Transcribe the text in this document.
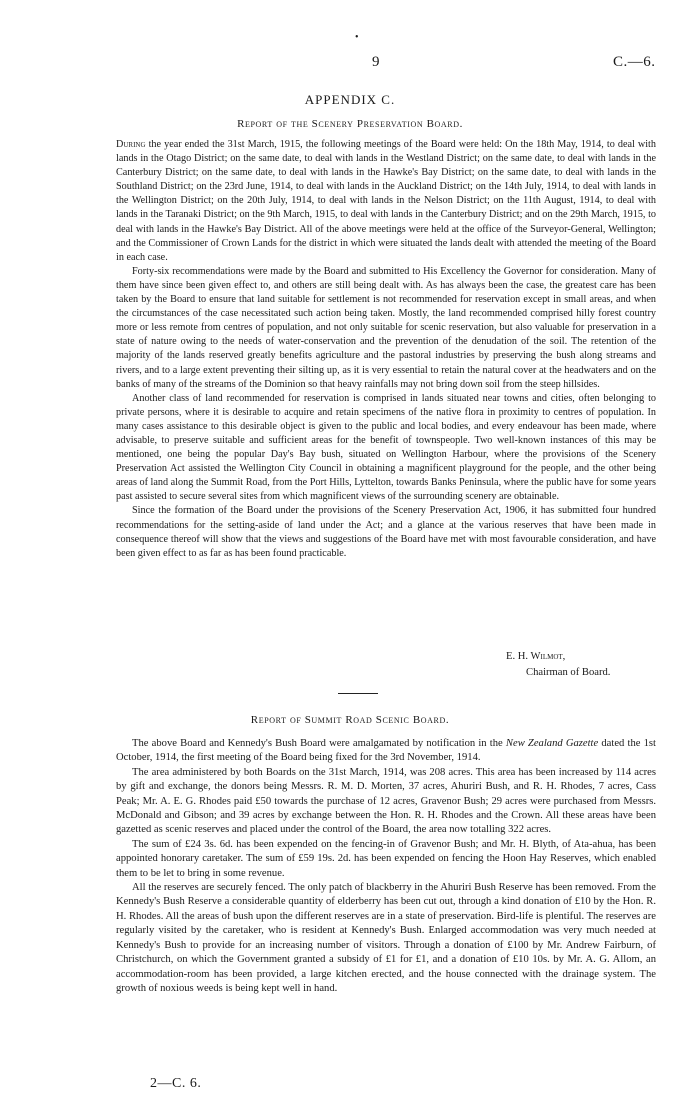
•
9	C.—6.
APPENDIX C.
Report of the Scenery Preservation Board.

During the year ended the 31st March, 1915, the following meetings of the Board were held: On the 18th May, 1914, to deal with lands in the Otago District; on the same date, to deal with lands in the Westland District; on the same date, to deal with lands in the Canterbury District; on the same date, to deal with lands in the Hawke's Bay District; on the same date, to deal with lands in the Southland District; on the 23rd June, 1914, to deal with lands in the Auckland District; on the 14th July, 1914, to deal with lands in the Wellington District; on the 20th July, 1914, to deal with lands in the Nelson District; on the 11th August, 1914, to deal with lands in the Taranaki District; on the 9th March, 1915, to deal with lands in the Canterbury District; and on the 29th March, 1915, to deal with lands in the Hawke's Bay District. All of the above meetings were held at the office of the Surveyor-General, Wellington; and the Commissioner of Crown Lands for the district in which were situated the lands dealt with attended the meeting of the Board in each case.

Forty-six recommendations were made by the Board and submitted to His Excellency the Governor for consideration. Many of them have since been given effect to, and others are still being dealt with. As has always been the case, the greatest care has been taken by the Board to ensure that land suitable for settlement is not recommended for reservation except in small areas, and when the circumstances of the case necessitated such action being taken. Mostly, the land recommended comprised hilly forest country more or less remote from centres of population, and not only suitable for scenic reservation, but also valuable for preservation in a state of nature owing to the needs of water-conservation and the prevention of the denudation of the soil. The retention of the majority of the lands reserved greatly benefits agriculture and the pastoral industries by preserving the bush along streams and rivers, and to a large extent preventing their silting up, as it is very essential to retain the natural cover at the headwaters and on the banks of many of the streams of the Dominion so that heavy rainfalls may not bring down soil from the steep hillsides.

Another class of land recommended for reservation is comprised in lands situated near towns and cities, often belonging to private persons, where it is desirable to acquire and retain specimens of the native flora in proximity to centres of population. In many cases assistance to this desirable object is given to the public and local bodies, and every endeavour has been made, where advisable, to preserve suitable and sufficient areas for the benefit of townspeople. Two well-known instances of this may be mentioned, one being the popular Day's Bay bush, situated on Wellington Harbour, where the provisions of the Scenery Preservation Act assisted the Wellington City Council in obtaining a magnificent playground for the people, and the other being areas of land along the Summit Road, from the Port Hills, Lyttelton, towards Banks Peninsula, where the public have for some years past assisted to secure several sites from which magnificent views of the surrounding scenery are obtainable.

Since the formation of the Board under the provisions of the Scenery Preservation Act, 1906, it has submitted four hundred recommendations for the setting-aside of land under the Act; and a glance at the various reserves that have been made in consequence thereof will show that the views and suggestions of the Board have met with most favourable consideration, and have been given effect to as far as has been found practicable.

E. H. Wilmot,
Chairman of Board.
Report of Summit Road Scenic Board.

The above Board and Kennedy's Bush Board were amalgamated by notification in the New Zealand Gazette dated the 1st October, 1914, the first meeting of the Board being fixed for the 3rd November, 1914.

The area administered by both Boards on the 31st March, 1914, was 208 acres. This area has been increased by 114 acres by gift and exchange, the donors being Messrs. R. M. D. Morten, 37 acres, Ahuriri Bush, and R. H. Rhodes, 7 acres, Cass Peak; Mr. A. E. G. Rhodes paid £50 towards the purchase of 12 acres, Gravenor Bush; 29 acres were purchased from Messrs. McDonald and Gibson; and 39 acres by exchange between the Hon. R. H. Rhodes and the Crown. All these areas have been gazetted as scenic reserves and placed under the control of the Board, the area now totalling 322 acres.

The sum of £24 3s. 6d. has been expended on the fencing-in of Gravenor Bush; and Mr. H. Blyth, of Ata-ahua, has been appointed honorary caretaker. The sum of £59 19s. 2d. has been expended on fencing the Hoon Hay Reserves, which enabled them to be let to bring in some revenue.

All the reserves are securely fenced. The only patch of blackberry in the Ahuriri Bush Reserve has been removed. From the Kennedy's Bush Reserve a considerable quantity of elderberry has been cut out, through a kind donation of £10 by the Hon. R. H. Rhodes. All the areas of bush upon the different reserves are in a state of preservation. Bird-life is plentiful. The reserves are regularly visited by the caretaker, who is resident at Kennedy's Bush. Enlarged accommodation was very much needed at Kennedy's Bush to provide for an increasing number of visitors. Through a donation of £100 by Mr. Andrew Fairburn, of Christchurch, on which the Government granted a subsidy of £1 for £1, and a donation of £10 10s. by Mr. A. G. Allom, an accommodation-room has been provided, a large kitchen erected, and the house connected with the drainage system. The growth of noxious weeds is being kept well in hand.

2—C. 6.
